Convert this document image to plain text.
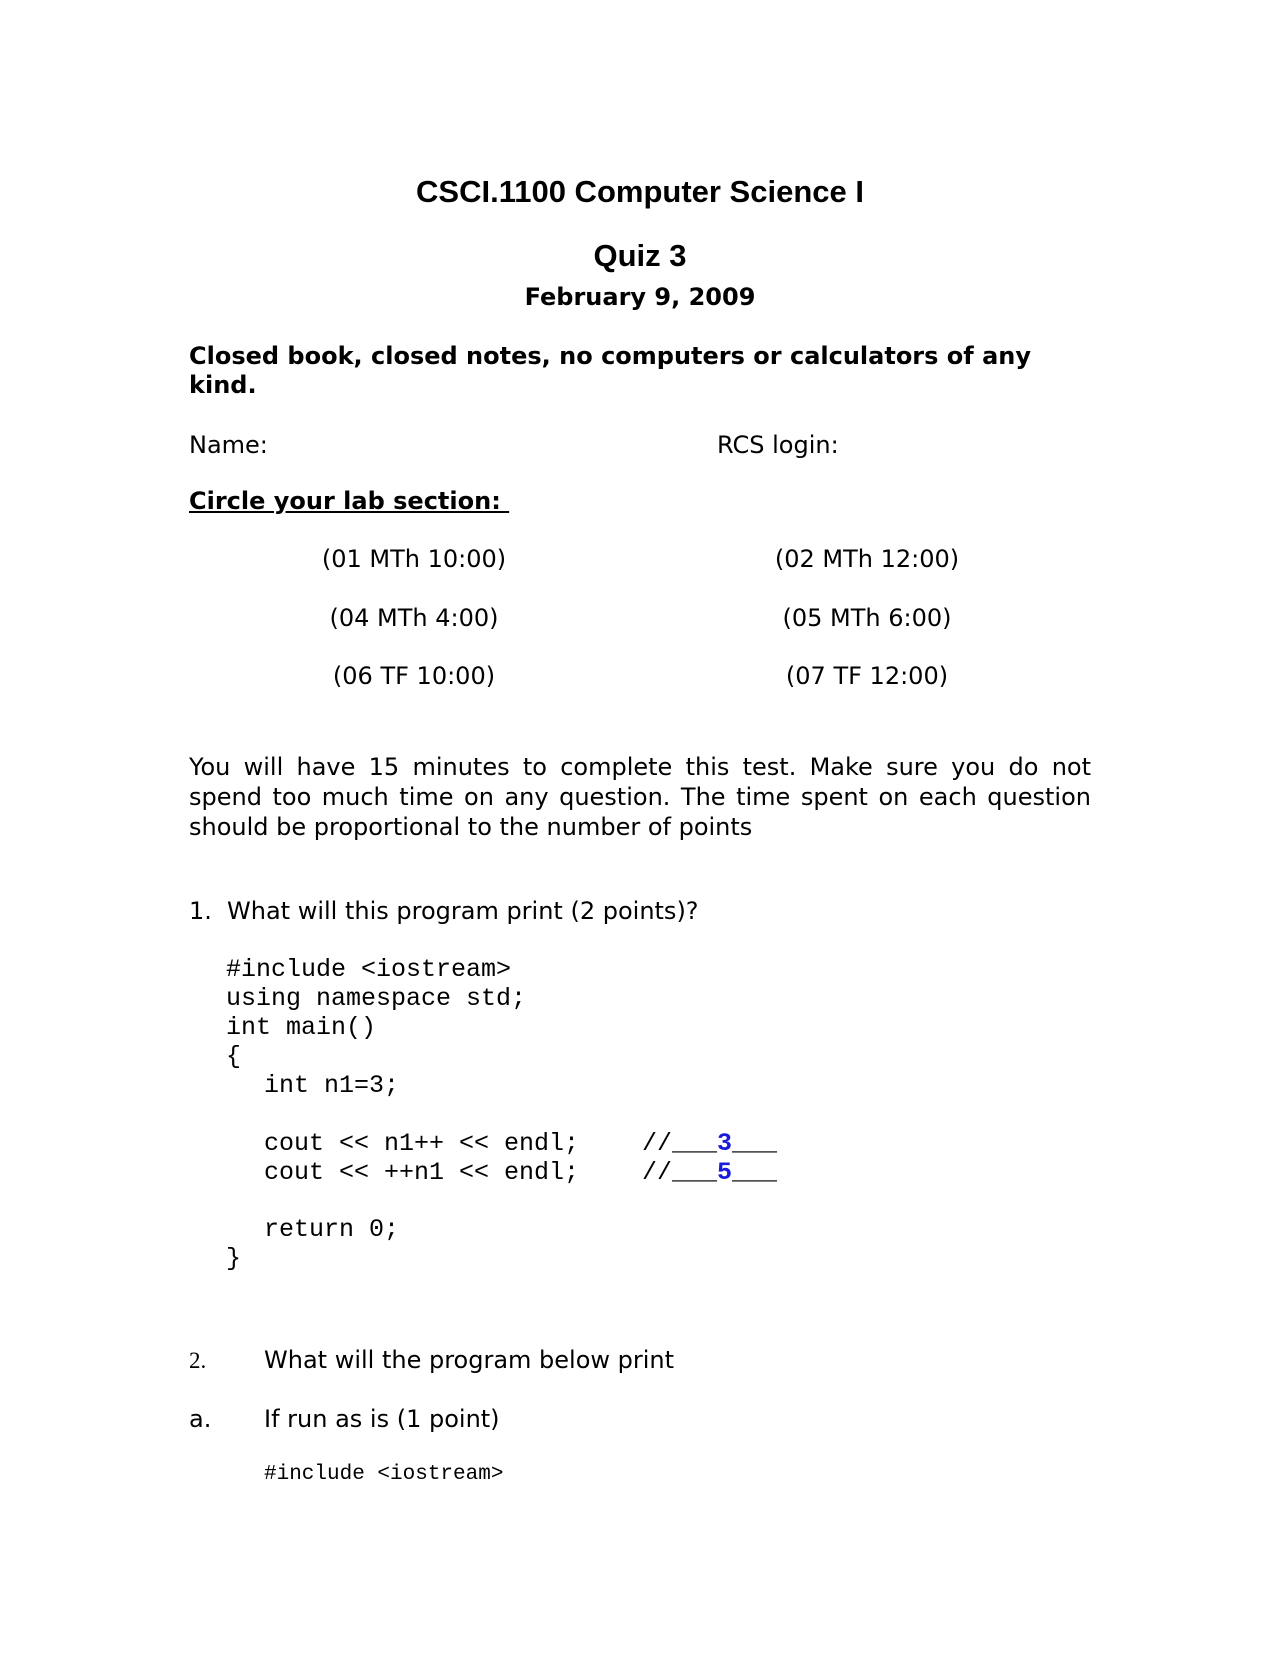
CSCI.1100 Computer Science I
Quiz 3
February 9, 2009
Closed book, closed notes, no computers or calculators of any kind.
Name:	RCS login:
Circle your lab section:
(01 MTh 10:00)	(02 MTh 12:00)
(04 MTh 4:00)	(05 MTh 6:00)
(06 TF 10:00)	(07 TF 12:00)
You will have 15 minutes to complete this test. Make sure you do not spend too much time on any question. The time spent on each question should be proportional to the number of points
1. What will this program print (2 points)?
#include <iostream>
using namespace std;
int main()
{
int n1=3;
cout << n1++ << endl;	//___3___
cout << ++n1 << endl;	//___5___
return 0;
}
2. What will the program below print
a. If run as is (1 point)
#include <iostream>
